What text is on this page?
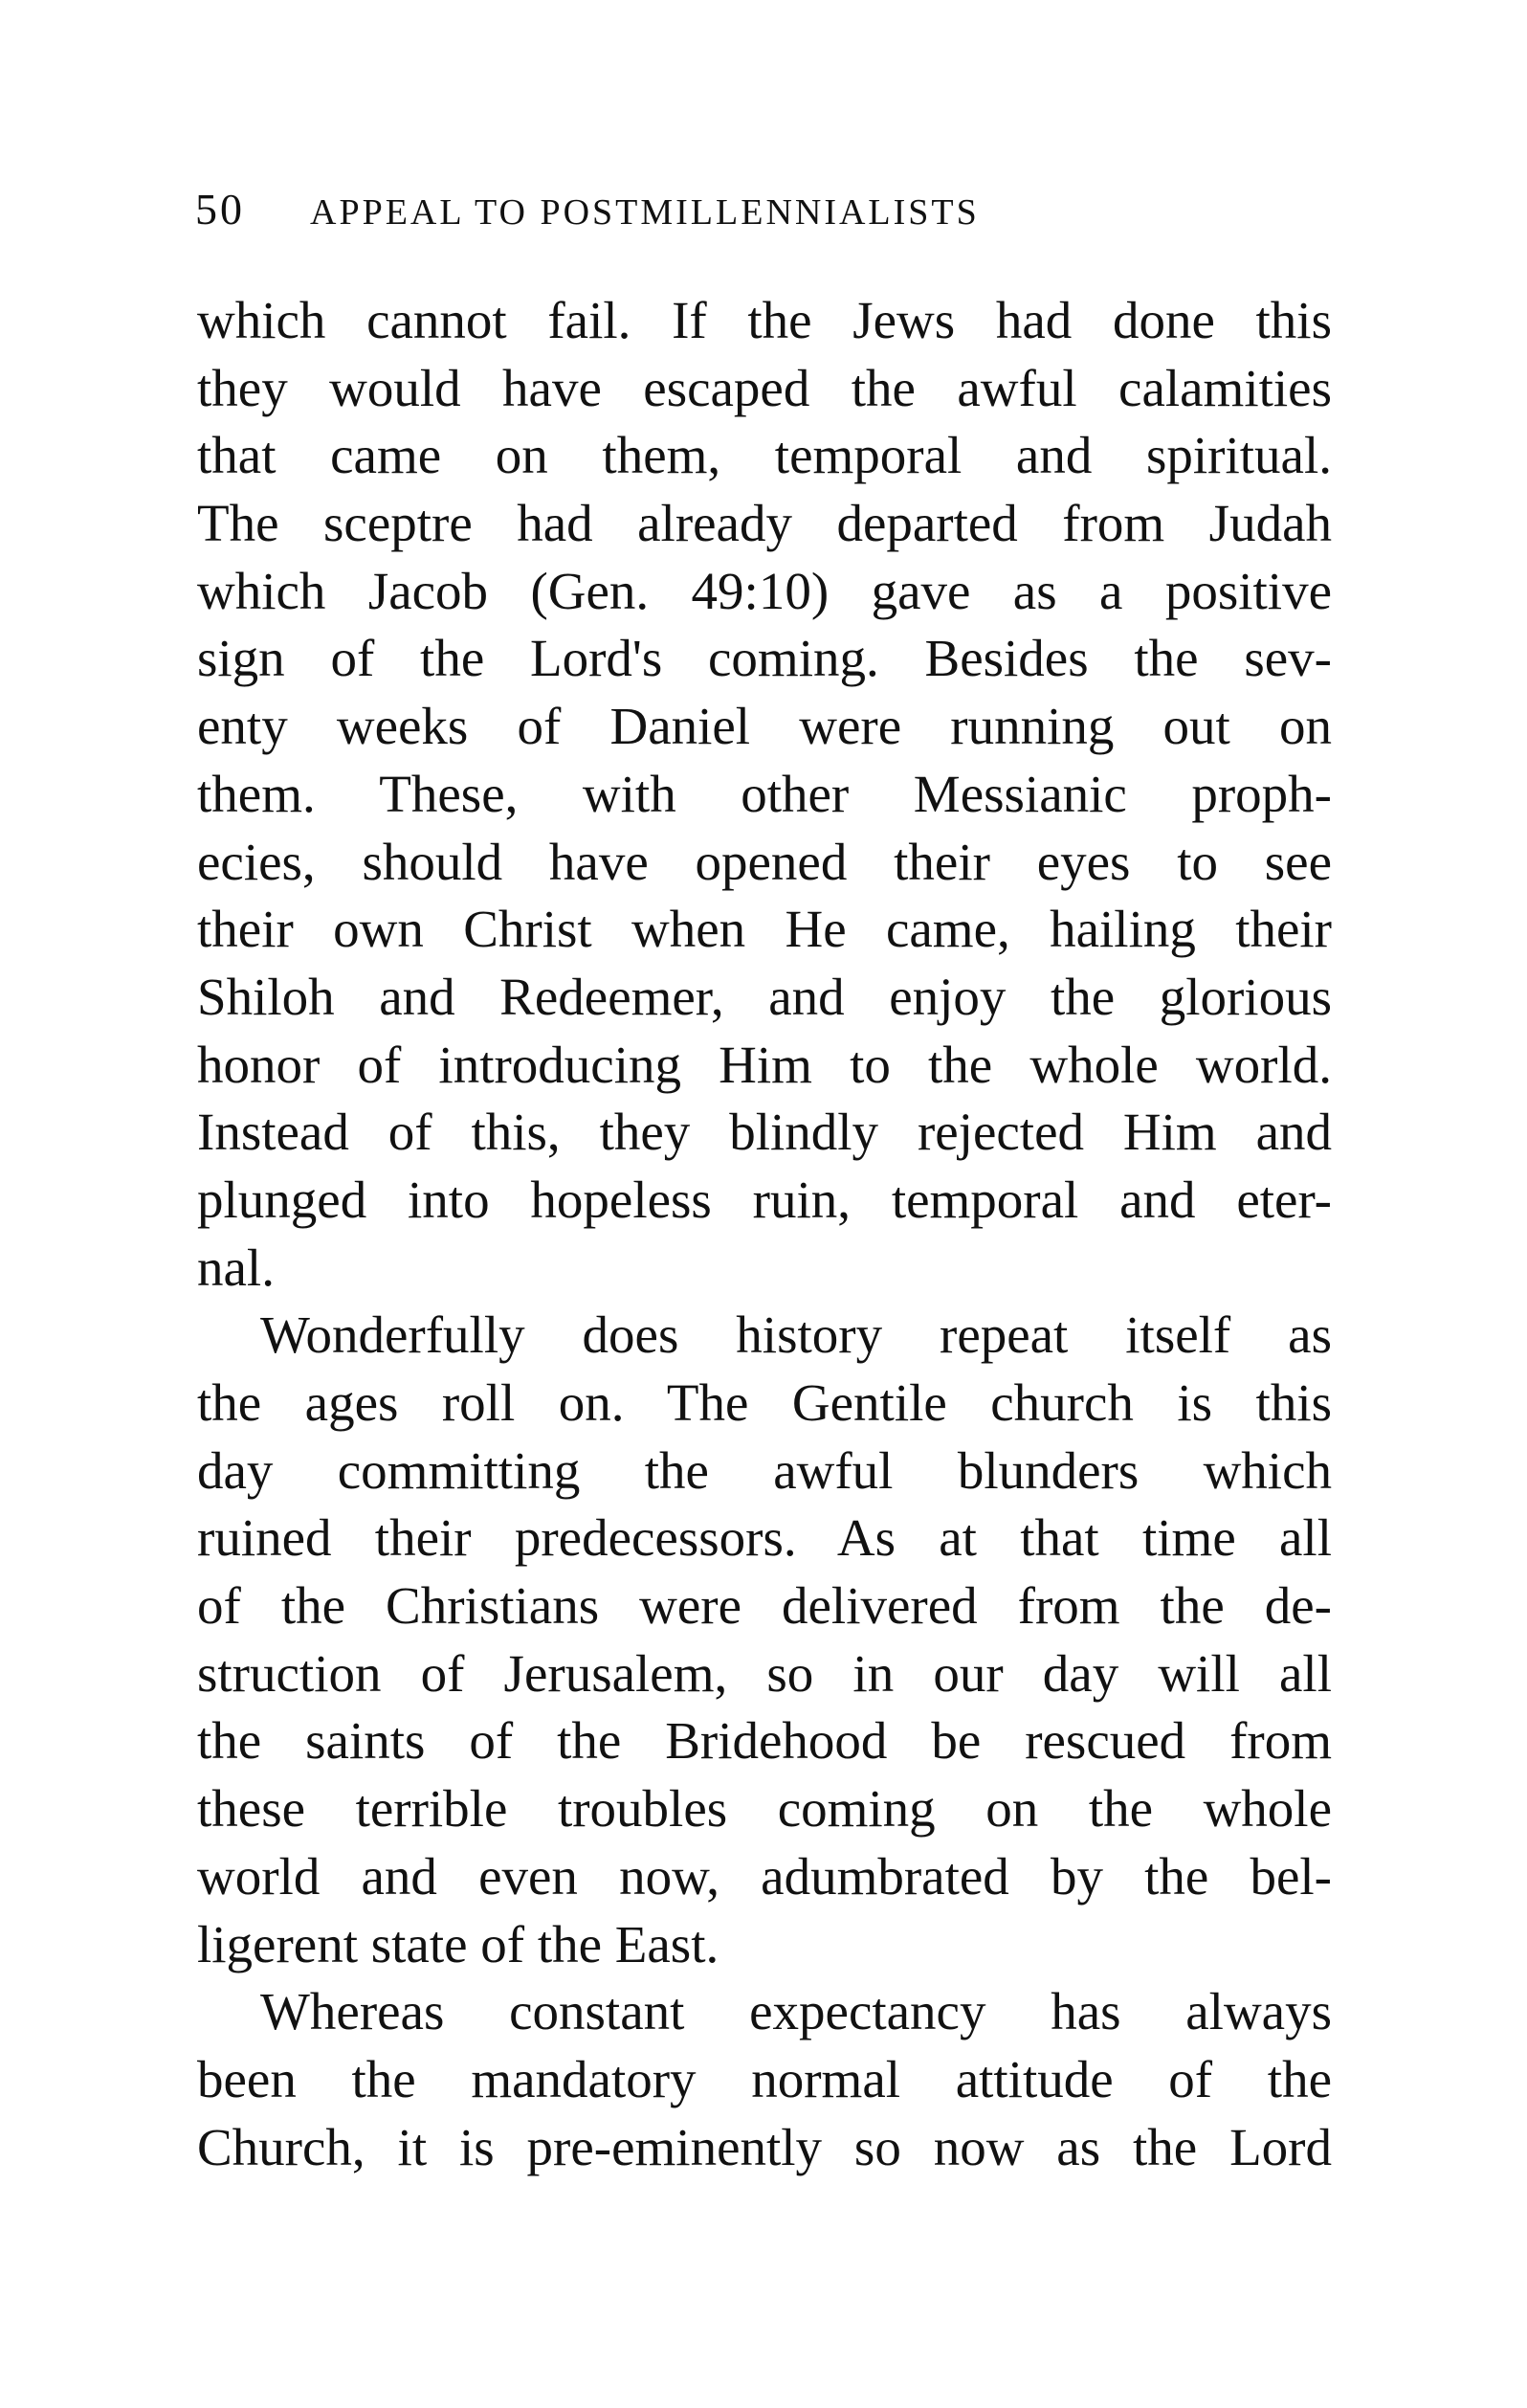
50	APPEAL TO POSTMILLENNIALISTS
which cannot fail. If the Jews had done this
they would have escaped the awful calamities
that came on them, temporal and spiritual.
The sceptre had already departed from Judah
which Jacob (Gen. 49:10) gave as a positive
sign of the Lord's coming. Besides the sev-
enty weeks of Daniel were running out on
them. These, with other Messianic proph-
ecies, should have opened their eyes to see
their own Christ when He came, hailing their
Shiloh and Redeemer, and enjoy the glorious
honor of introducing Him to the whole world.
Instead of this, they blindly rejected Him and
plunged into hopeless ruin, temporal and eter-
nal.
Wonderfully does history repeat itself as
the ages roll on. The Gentile church is this
day committing the awful blunders which
ruined their predecessors. As at that time all
of the Christians were delivered from the de-
struction of Jerusalem, so in our day will all
the saints of the Bridehood be rescued from
these terrible troubles coming on the whole
world and even now, adumbrated by the bel-
ligerent state of the East.
Whereas constant expectancy has always
been the mandatory normal attitude of the
Church, it is pre-eminently so now as the Lord
